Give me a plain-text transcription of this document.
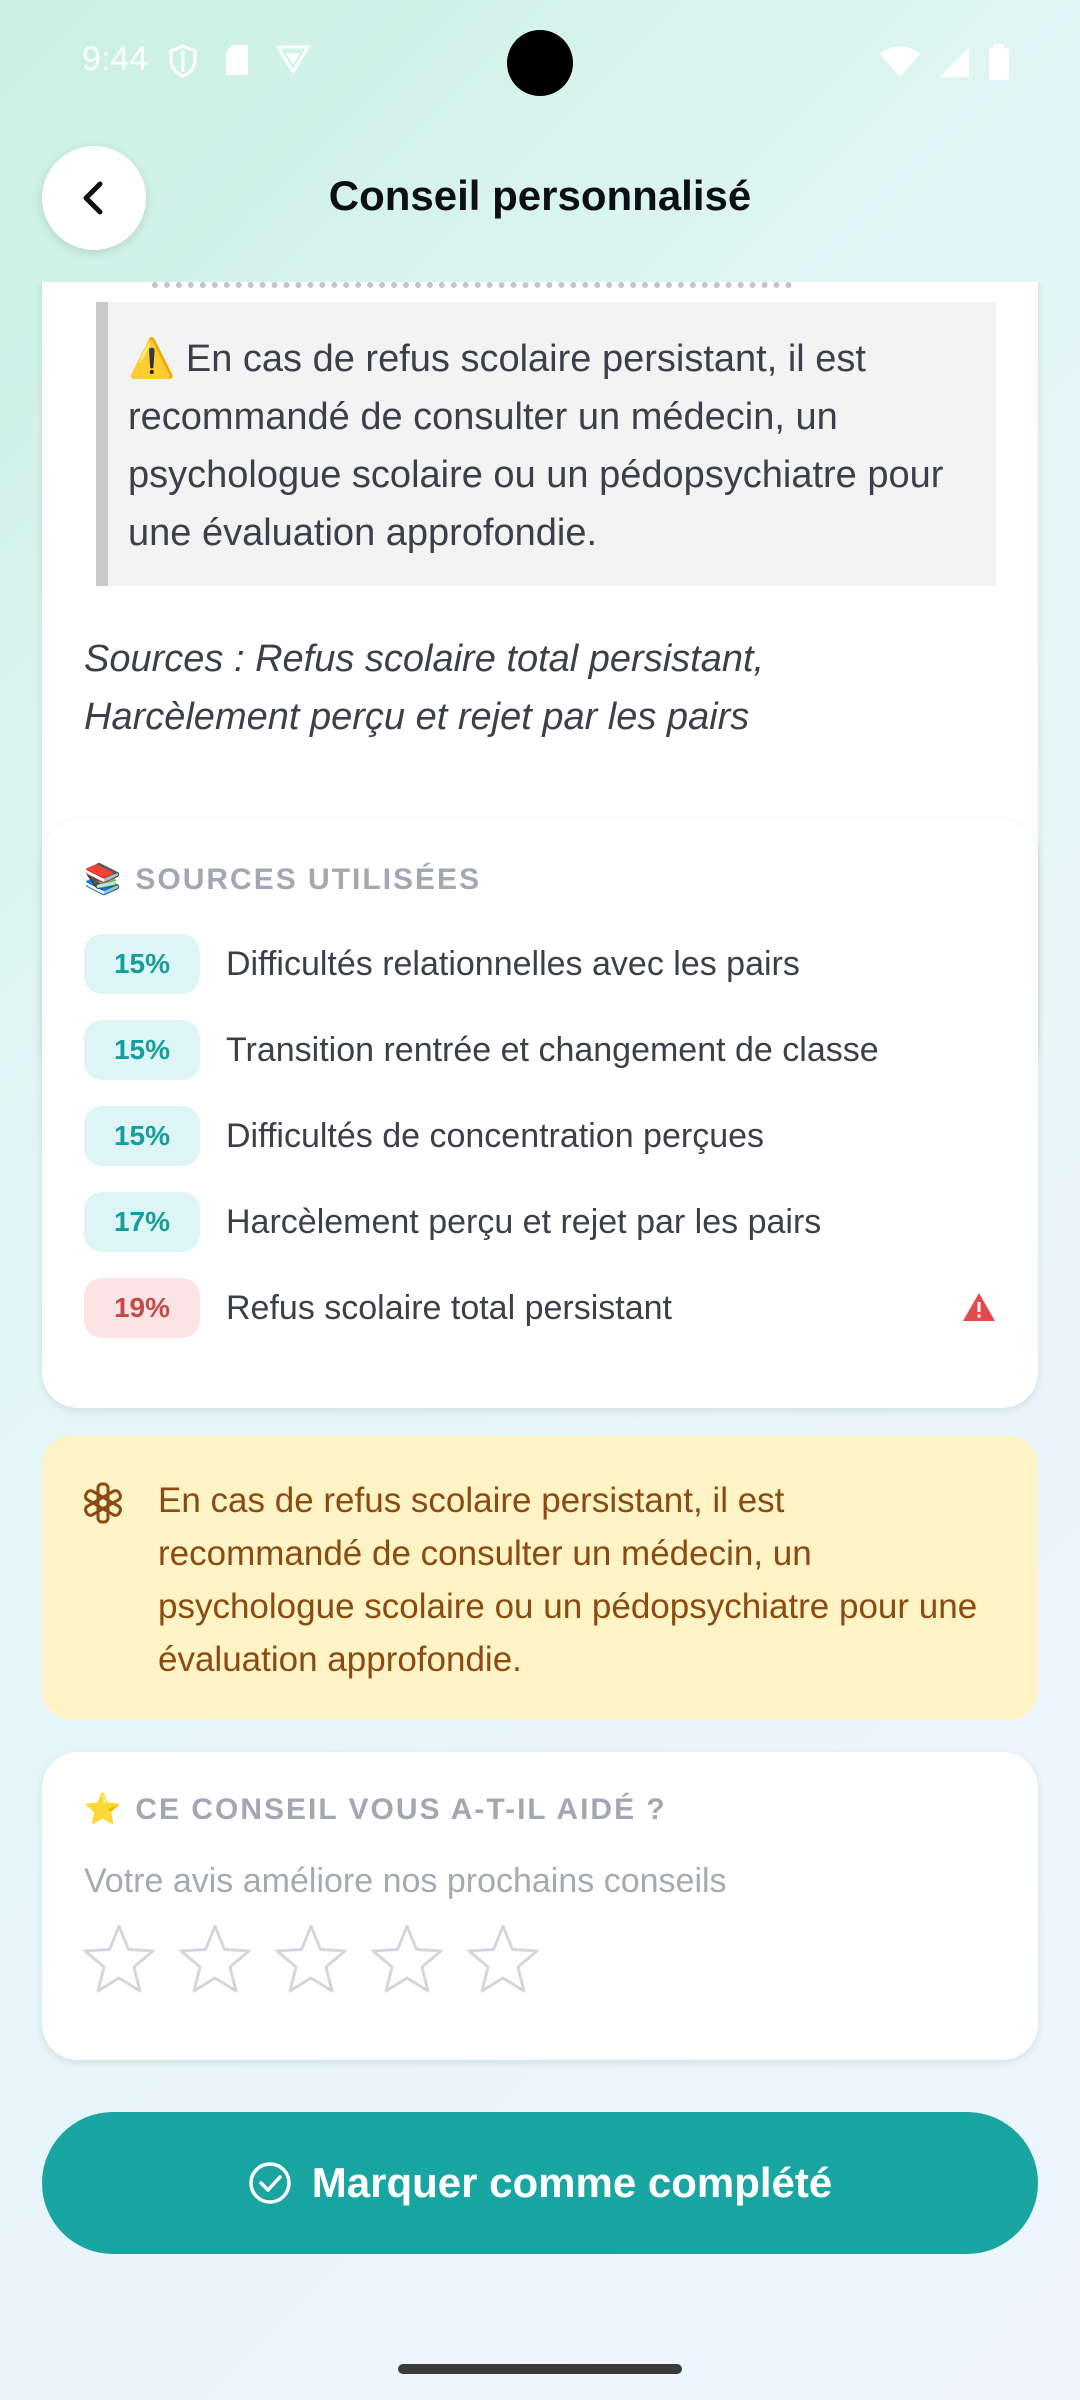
9:44
Conseil personnalisé
⚠️ En cas de refus scolaire persistant, il est recommandé de consulter un médecin, un psychologue scolaire ou un pédopsychiatre pour une évaluation approfondie.
Sources : Refus scolaire total persistant, Harcèlement perçu et rejet par les pairs
📚 SOURCES UTILISÉES
15%	Difficultés relationnelles avec les pairs
15%	Transition rentrée et changement de classe
15%	Difficultés de concentration perçues
17%	Harcèlement perçu et rejet par les pairs
19%	Refus scolaire total persistant
En cas de refus scolaire persistant, il est recommandé de consulter un médecin, un psychologue scolaire ou un pédopsychiatre pour une évaluation approfondie.
⭐ CE CONSEIL VOUS A-T-IL AIDÉ ?
Votre avis améliore nos prochains conseils
Marquer comme complété
